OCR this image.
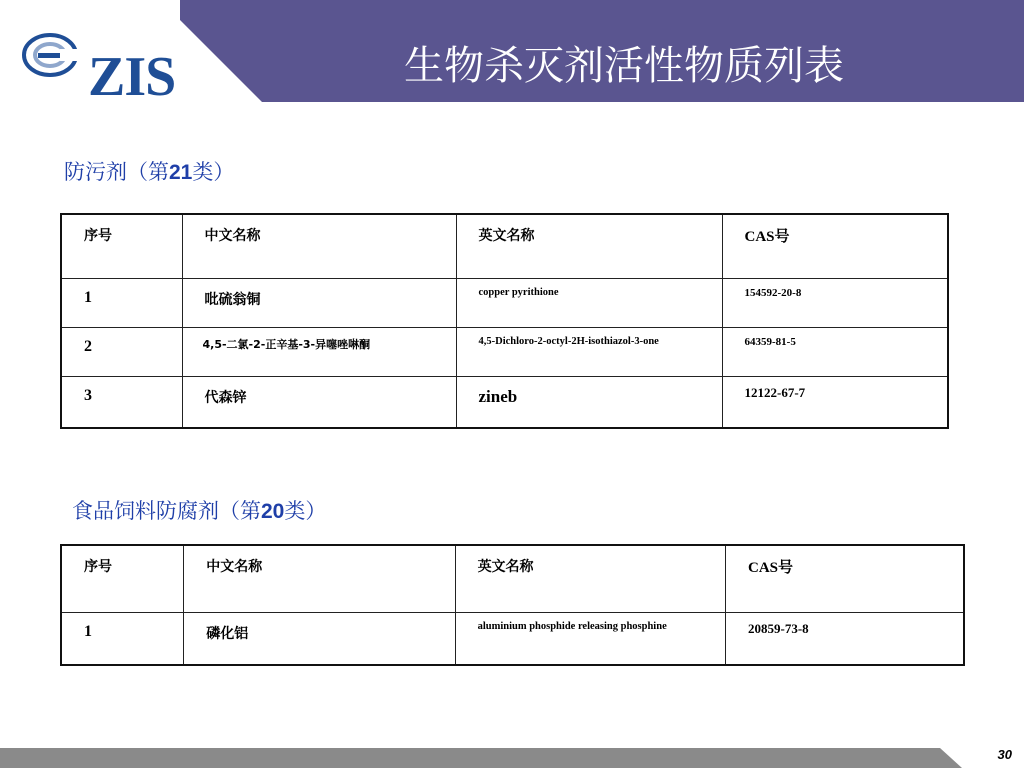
ZIS	生物杀灭剂活性物质列表
防污剂（第21类）
序号	中文名称	英文名称	CAS号

1	吡硫翁铜	copper pyrithione	154592-20-8

2	4,5-二氯-2-正辛基-3-异噻唑啉酮	4,5-Dichloro-2-octyl-2H-isothiazol-3-one	64359-81-5

3	代森锌	zineb	12122-67-7
食品饲料防腐剂（第20类）
序号	中文名称	英文名称	CAS号

1	磷化铝	aluminium phosphide releasing phosphine	20859-73-8
30
